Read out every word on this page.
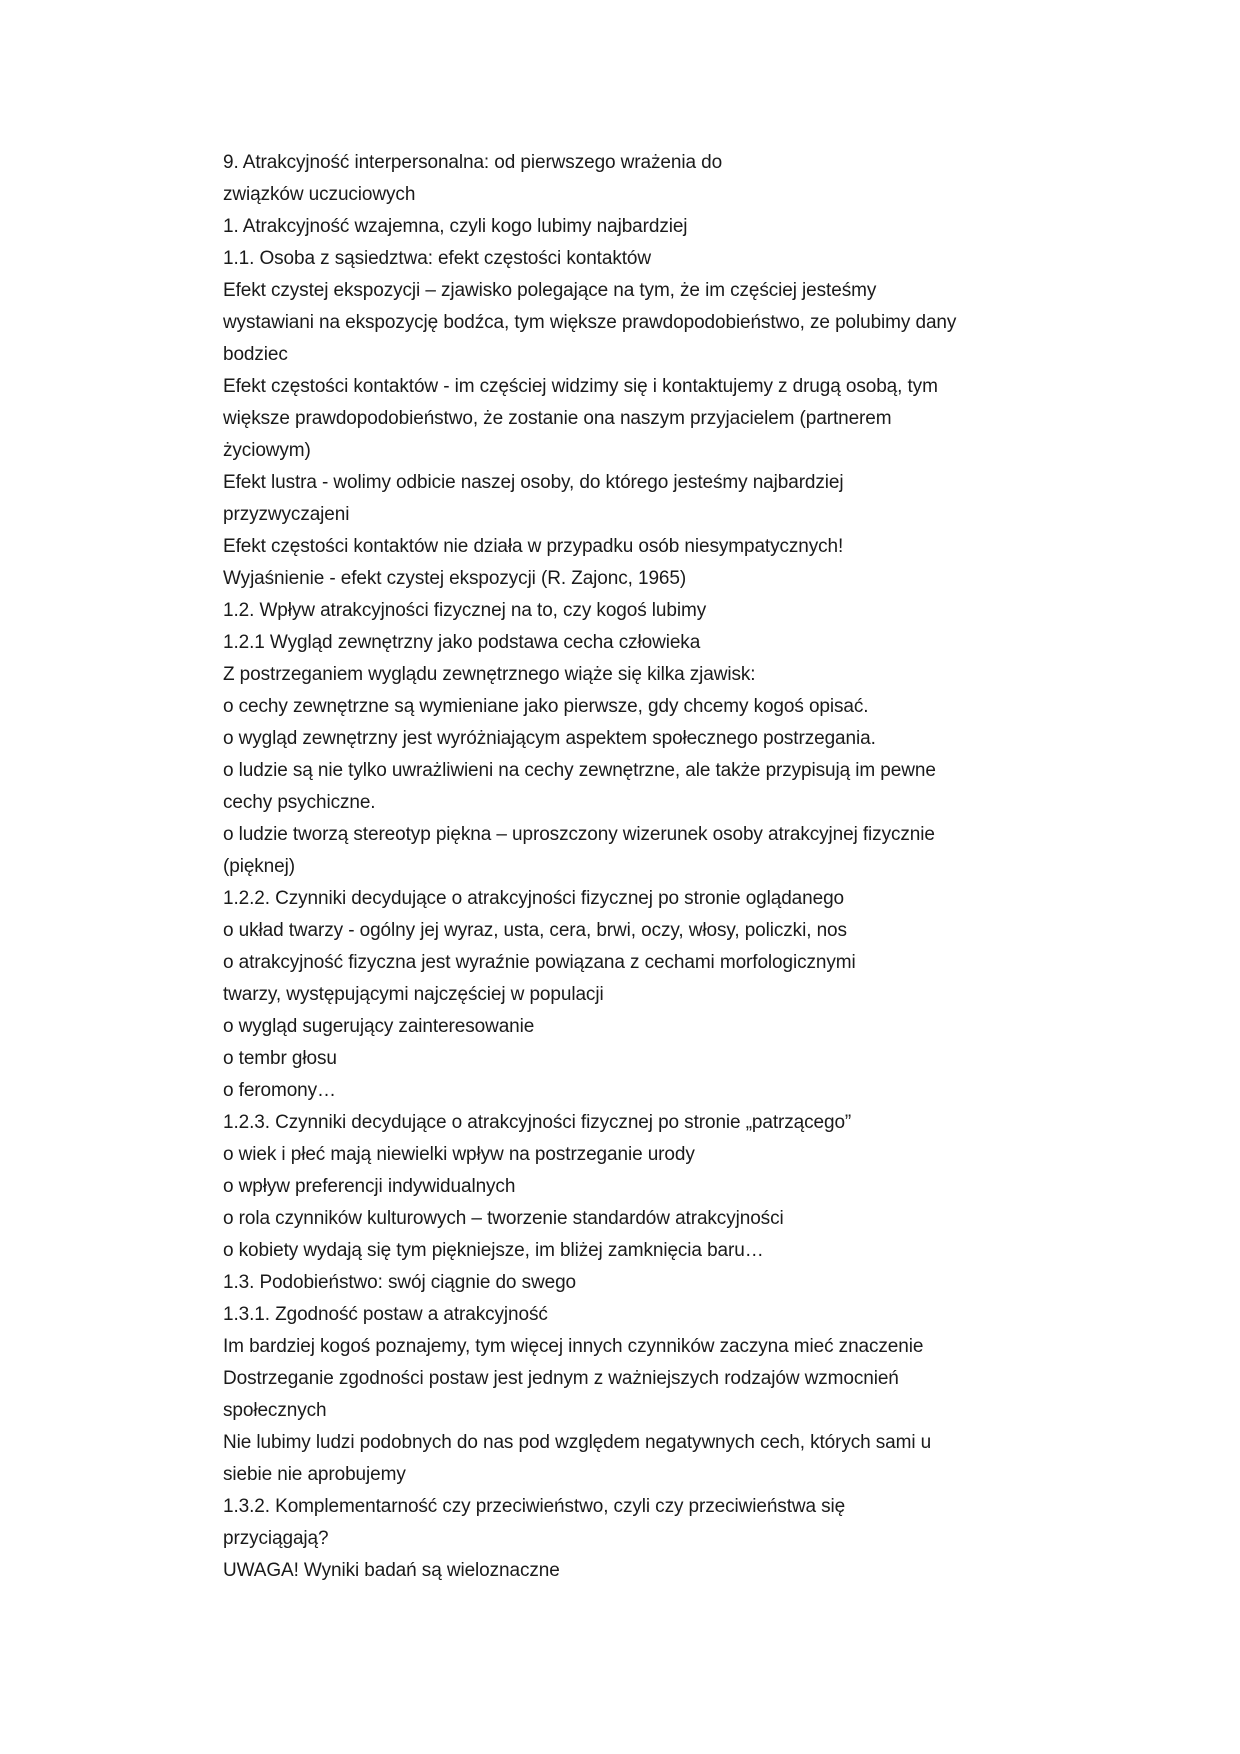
9. Atrakcyjność interpersonalna: od pierwszego wrażenia do
związków uczuciowych
1. Atrakcyjność wzajemna, czyli kogo lubimy najbardziej
1.1. Osoba z sąsiedztwa: efekt częstości kontaktów
Efekt czystej ekspozycji – zjawisko polegające na tym, że im częściej jesteśmy
wystawiani na ekspozycję bodźca, tym większe prawdopodobieństwo, ze polubimy dany
bodziec
Efekt częstości kontaktów - im częściej widzimy się i kontaktujemy z drugą osobą, tym
większe prawdopodobieństwo, że zostanie ona naszym przyjacielem (partnerem
życiowym)
Efekt lustra - wolimy odbicie naszej osoby, do którego jesteśmy najbardziej
przyzwyczajeni
Efekt częstości kontaktów nie działa w przypadku osób niesympatycznych!
Wyjaśnienie - efekt czystej ekspozycji (R. Zajonc, 1965)
1.2. Wpływ atrakcyjności fizycznej na to, czy kogoś lubimy
1.2.1 Wygląd zewnętrzny jako podstawa cecha człowieka
Z postrzeganiem wyglądu zewnętrznego wiąże się kilka zjawisk:
o cechy zewnętrzne są wymieniane jako pierwsze, gdy chcemy kogoś opisać.
o wygląd zewnętrzny jest wyróżniającym aspektem społecznego postrzegania.
o ludzie są nie tylko uwrażliwieni na cechy zewnętrzne, ale także przypisują im pewne
cechy psychiczne.
o ludzie tworzą stereotyp piękna – uproszczony wizerunek osoby atrakcyjnej fizycznie
(pięknej)
1.2.2. Czynniki decydujące o atrakcyjności fizycznej po stronie oglądanego
o układ twarzy - ogólny jej wyraz, usta, cera, brwi, oczy, włosy, policzki, nos
o atrakcyjność fizyczna jest wyraźnie powiązana z cechami morfologicznymi
twarzy, występującymi najczęściej w populacji
o wygląd sugerujący zainteresowanie
o tembr głosu
o feromony…
1.2.3. Czynniki decydujące o atrakcyjności fizycznej po stronie „patrzącego”
o wiek i płeć mają niewielki wpływ na postrzeganie urody
o wpływ preferencji indywidualnych
o rola czynników kulturowych – tworzenie standardów atrakcyjności
o kobiety wydają się tym piękniejsze, im bliżej zamknięcia baru…
1.3. Podobieństwo: swój ciągnie do swego
1.3.1. Zgodność postaw a atrakcyjność
Im bardziej kogoś poznajemy, tym więcej innych czynników zaczyna mieć znaczenie
Dostrzeganie zgodności postaw jest jednym z ważniejszych rodzajów wzmocnień
społecznych
Nie lubimy ludzi podobnych do nas pod względem negatywnych cech, których sami u
siebie nie aprobujemy
1.3.2. Komplementarność czy przeciwieństwo, czyli czy przeciwieństwa się
przyciągają?
UWAGA! Wyniki badań są wieloznaczne
